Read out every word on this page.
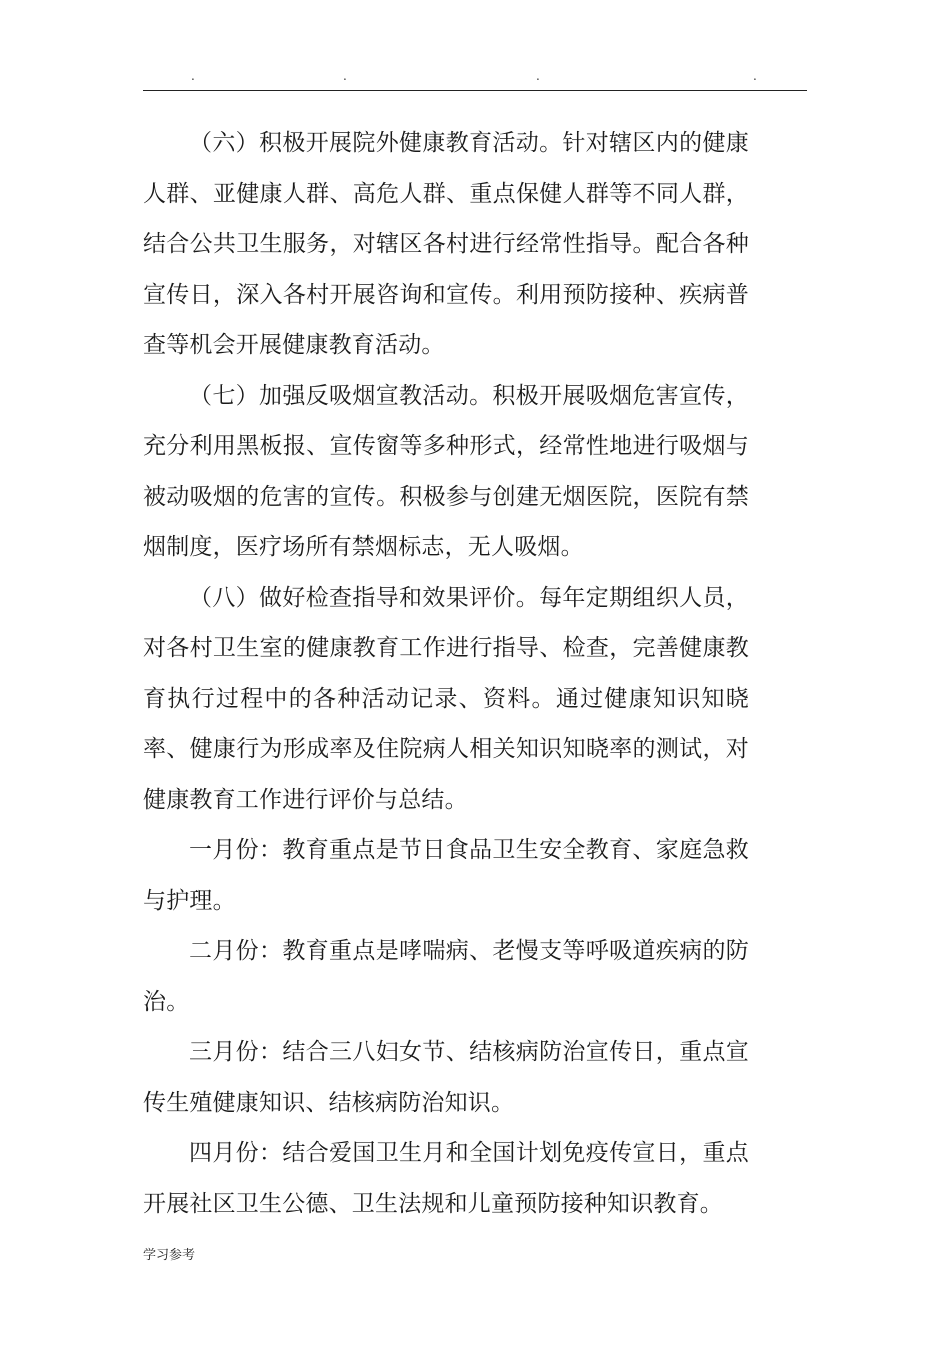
.	.	.	.

（六）积极开展院外健康教育活动。针对辖区内的健康人群、亚健康人群、高危人群、重点保健人群等不同人群，结合公共卫生服务，对辖区各村进行经常性指导。配合各种宣传日，深入各村开展咨询和宣传。利用预防接种、疾病普查等机会开展健康教育活动。

（七）加强反吸烟宣教活动。积极开展吸烟危害宣传，充分利用黑板报、宣传窗等多种形式，经常性地进行吸烟与被动吸烟的危害的宣传。积极参与创建无烟医院，医院有禁烟制度，医疗场所有禁烟标志，无人吸烟。

（八）做好检查指导和效果评价。每年定期组织人员，对各村卫生室的健康教育工作进行指导、检查，完善健康教育执行过程中的各种活动记录、资料。通过健康知识知晓率、健康行为形成率及住院病人相关知识知晓率的测试，对健康教育工作进行评价与总结。

一月份：教育重点是节日食品卫生安全教育、家庭急救与护理。

二月份：教育重点是哮喘病、老慢支等呼吸道疾病的防治。

三月份：结合三八妇女节、结核病防治宣传日，重点宣传生殖健康知识、结核病防治知识。

四月份：结合爱国卫生月和全国计划免疫传宣日，重点开展社区卫生公德、卫生法规和儿童预防接种知识教育。

学习参考
